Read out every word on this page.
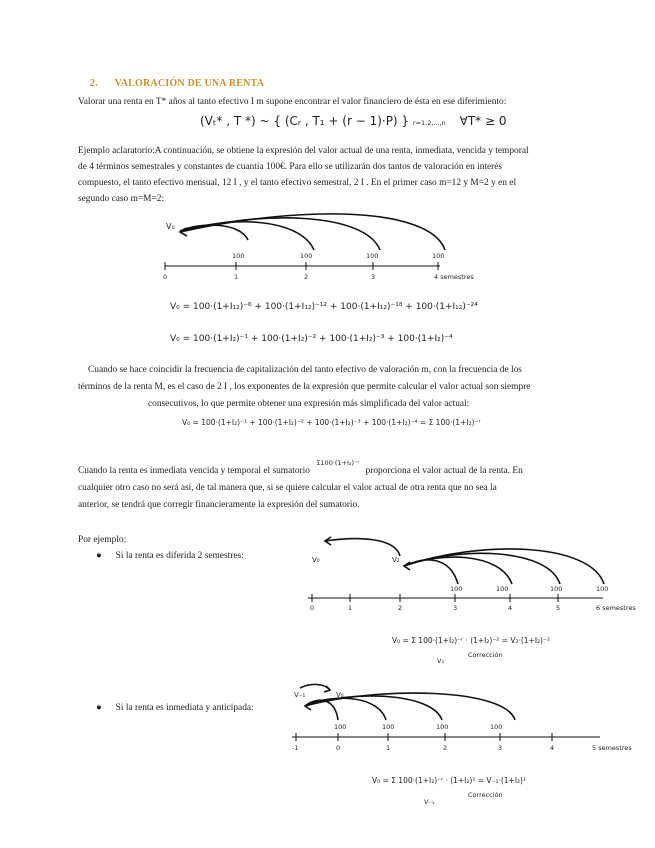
2. VALORACIÓN DE UNA RENTA
Valorar una renta en T* años al tanto efectivo I m supone encontrar el valor financiero de ésta en ese diferimiento:
(Vₜ* , T *) ~ { (Cᵣ , T₁ + (r − 1)·P) } r=1,2,...,n ∀T* ≥ 0
Ejemplo aclaratorio:A continuación, se obtiene la expresión del valor actual de una renta, inmediata, vencida y temporal
de 4 términos semestrales y constantes de cuantía 100€. Para ello se utilizarán dos tantos de valoración en interés
compuesto, el tanto efectivo mensual, 12 I , y el tanto efectivo semestral, 2 I . En el primer caso m=12 y M=2 y en el
segundo caso m=M=2:
V₀
100	100	100	100
0	1	2	3	4 semestres
V₀ = 100·(1+I₁₂)⁻⁶ + 100·(1+I₁₂)⁻¹² + 100·(1+I₁₂)⁻¹⁸ + 100·(1+I₁₂)⁻²⁴
V₀ = 100·(1+I₂)⁻¹ + 100·(1+I₂)⁻² + 100·(1+I₂)⁻³ + 100·(1+I₂)⁻⁴
Cuando se hace coincidir la frecuencia de capitalización del tanto efectivo de valoración m, con la frecuencia de los
términos de la renta M, es el caso de 2 I , los exponentes de la expresión que permite calcular el valor actual son siempre
consecutivos, lo que permite obtener una expresión más simplificada del valor actual:
V₀ = 100·(1+I₂)⁻¹ + 100·(1+I₂)⁻² + 100·(1+I₂)⁻³ + 100·(1+I₂)⁻⁴ = Σ 100·(1+I₂)⁻ʳ
Cuando la renta es inmediata vencida y temporal el sumatorio $^{\Sigma 100\cdot(1+I_2)^-ʳ}$ proporciona el valor actual de la renta. En
cualquier otro caso no será así, de tal manera que, si se quiere calcular el valor actual de otra renta que no sea la
anterior, se tendrá que corregir financieramente la expresión del sumatorio.
Por ejemplo:
● Si la renta es diferida 2 semestres:	V₀	V₂
100	100	100	100
0	1	2	3	4	5	6 semestres
V₀ = Σ 100·(1+I₂)⁻ʳ · (1+I₂)⁻² = V₂·(1+I₂)⁻²
V₂
Corrección
● Si la renta es inmediata y anticipada:
V₋₁	V₀
100	100	100	100
-1	0	1	2	3	4	5 semestres
V₀ = Σ 100·(1+I₂)⁻ʳ · (1+I₂)¹ = V₋₁·(1+I₂)¹
V₋₁
Corrección
